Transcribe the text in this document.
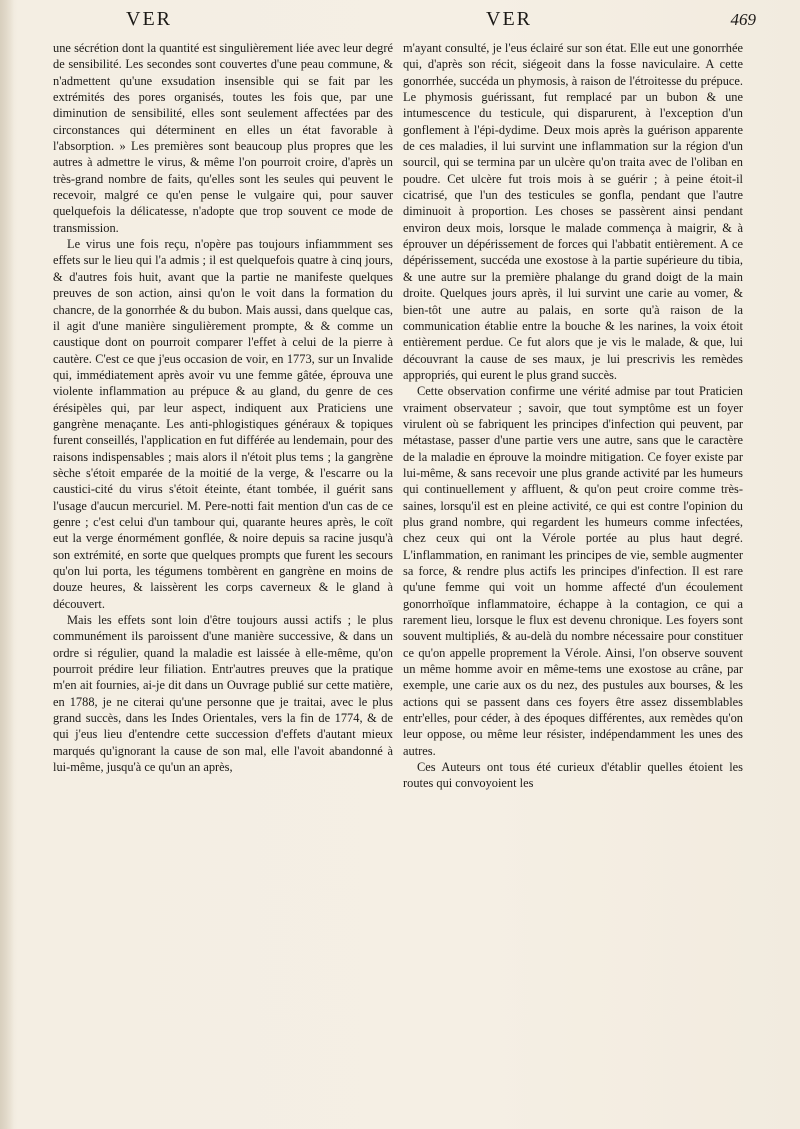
VER	VER	469

une sécrétion dont la quantité est singulièrement liée avec leur degré de sensibilité. Les secondes sont couvertes d'une peau commune, & n'admettent qu'une exsudation insensible qui se fait par les extrémités des pores organisés, toutes les fois que, par une diminution de sensibilité, elles sont seulement affectées par des circonstances qui déterminent en elles un état favorable à l'absorption. » Les premières sont beaucoup plus propres que les autres à admettre le virus, & même l'on pourroit croire, d'après un très-grand nombre de faits, qu'elles sont les seules qui peuvent le recevoir, malgré ce qu'en pense le vulgaire qui, pour sauver quelquefois la délicatesse, n'adopte que trop souvent ce mode de transmission.

Le virus une fois reçu, n'opère pas toujours infiammment ses effets sur le lieu qui l'a admis ; il est quelquefois quatre à cinq jours, & d'autres fois huit, avant que la partie ne manifeste quelques preuves de son action, ainsi qu'on le voit dans la formation du chancre, de la gonorrhée & du bubon. Mais aussi, dans quelque cas, il agit d'une manière singulièrement prompte, & & comme un caustique dont on pourroit comparer l'effet à celui de la pierre à cautère. C'est ce que j'eus occasion de voir, en 1773, sur un Invalide qui, immédiatement après avoir vu une femme gâtée, éprouva une violente inflammation au prépuce & au gland, du genre de ces érésipèles qui, par leur aspect, indiquent aux Praticiens une gangrène menaçante. Les anti-phlogistiques généraux & topiques furent conseillés, l'application en fut différée au lendemain, pour des raisons indispensables ; mais alors il n'étoit plus tems ; la gangrène sèche s'étoit emparée de la moitié de la verge, & l'escarre ou la caustici-cité du virus s'étoit éteinte, étant tombée, il guérit sans l'usage d'aucun mercuriel. M. Pere-notti fait mention d'un cas de ce genre ; c'est celui d'un tambour qui, quarante heures après, le coït eut la verge énormément gonflée, & noire depuis sa racine jusqu'à son extrémité, en sorte que quelques prompts que furent les secours qu'on lui porta, les tégumens tombèrent en gangrène en moins de douze heures, & laissèrent les corps caverneux & le gland à découvert.

Mais les effets sont loin d'être toujours aussi actifs ; le plus communément ils paroissent d'une manière successive, & dans un ordre si régulier, quand la maladie est laissée à elle-même, qu'on pourroit prédire leur filiation. Entr'autres preuves que la pratique m'en ait fournies, ai-je dit dans un Ouvrage publié sur cette matière, en 1788, je ne citerai qu'une personne que je traitai, avec le plus grand succès, dans les Indes Orientales, vers la fin de 1774, & de qui j'eus lieu d'entendre cette succession d'effets d'autant mieux marqués qu'ignorant la cause de son mal, elle l'avoit abandonné à lui-même, jusqu'à ce qu'un an après,

m'ayant consulté, je l'eus éclairé sur son état. Elle eut une gonorrhée qui, d'après son récit, siégeoit dans la fosse naviculaire. A cette gonorrhée, succéda un phymosis, à raison de l'étroitesse du prépuce. Le phymosis guérissant, fut remplacé par un bubon & une intumescence du testicule, qui disparurent, à l'exception d'un gonflement à l'épi-dydime. Deux mois après la guérison apparente de ces maladies, il lui survint une inflammation sur la région d'un sourcil, qui se termina par un ulcère qu'on traita avec de l'oliban en poudre. Cet ulcère fut trois mois à se guérir ; à peine étoit-il cicatrisé, que l'un des testicules se gonfla, pendant que l'autre diminuoit à proportion. Les choses se passèrent ainsi pendant environ deux mois, lorsque le malade commença à maigrir, & à éprouver un dépérissement de forces qui l'abbatit entièrement. A ce dépérissement, succéda une exostose à la partie supérieure du tibia, & une autre sur la première phalange du grand doigt de la main droite. Quelques jours après, il lui survint une carie au vomer, & bien-tôt une autre au palais, en sorte qu'à raison de la communication établie entre la bouche & les narines, la voix étoit entièrement perdue. Ce fut alors que je vis le malade, & que, lui découvrant la cause de ses maux, je lui prescrivis les remèdes appropriés, qui eurent le plus grand succès.

Cette observation confirme une vérité admise par tout Praticien vraiment observateur ; savoir, que tout symptôme est un foyer virulent où se fabriquent les principes d'infection qui peuvent, par métastase, passer d'une partie vers une autre, sans que le caractère de la maladie en éprouve la moindre mitigation. Ce foyer existe par lui-même, & sans recevoir une plus grande activité par les humeurs qui continuellement y affluent, & qu'on peut croire comme très-saines, lorsqu'il est en pleine activité, ce qui est contre l'opinion du plus grand nombre, qui regardent les humeurs comme infectées, chez ceux qui ont la Vérole portée au plus haut degré. L'inflammation, en ranimant les principes de vie, semble augmenter sa force, & rendre plus actifs les principes d'infection. Il est rare qu'une femme qui voit un homme affecté d'un écoulement gonorrhoïque inflammatoire, échappe à la contagion, ce qui a rarement lieu, lorsque le flux est devenu chronique. Les foyers sont souvent multipliés, & au-delà du nombre nécessaire pour constituer ce qu'on appelle proprement la Vérole. Ainsi, l'on observe souvent un même homme avoir en même-tems une exostose au crâne, par exemple, une carie aux os du nez, des pustules aux bourses, & les actions qui se passent dans ces foyers être assez dissemblables entr'elles, pour céder, à des époques différentes, aux remèdes qu'on leur oppose, ou même leur résister, indépendamment les unes des autres.

Ces Auteurs ont tous été curieux d'établir quelles étoient les routes qui convoyoient les
